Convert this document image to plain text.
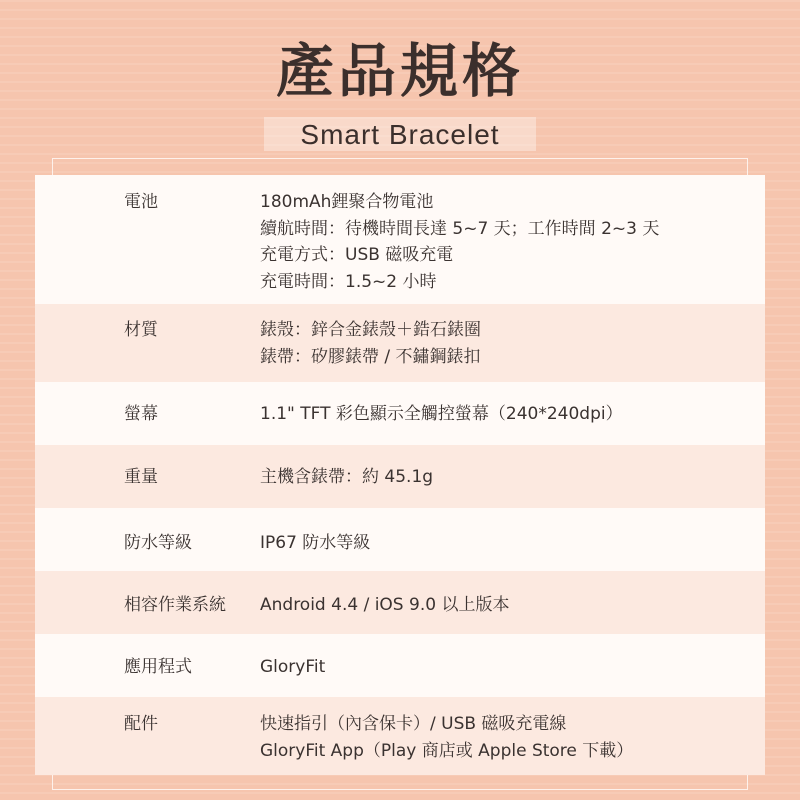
產品規格
Smart Bracelet
電池	180mAh鋰聚合物電池
續航時間：待機時間長達 5~7 天；工作時間 2~3 天
充電方式：USB 磁吸充電
充電時間：1.5~2 小時
材質	錶殼：鋅合金錶殼＋鋯石錶圈
錶帶：矽膠錶帶 / 不鏽鋼錶扣
螢幕	1.1" TFT 彩色顯示全觸控螢幕（240*240dpi）
重量	主機含錶帶：約 45.1g
防水等級	IP67 防水等級
相容作業系統 Android 4.4 / iOS 9.0 以上版本
應用程式	GloryFit
配件	快速指引（內含保卡）/ USB 磁吸充電線
GloryFit App（Play 商店或 Apple Store 下載）
